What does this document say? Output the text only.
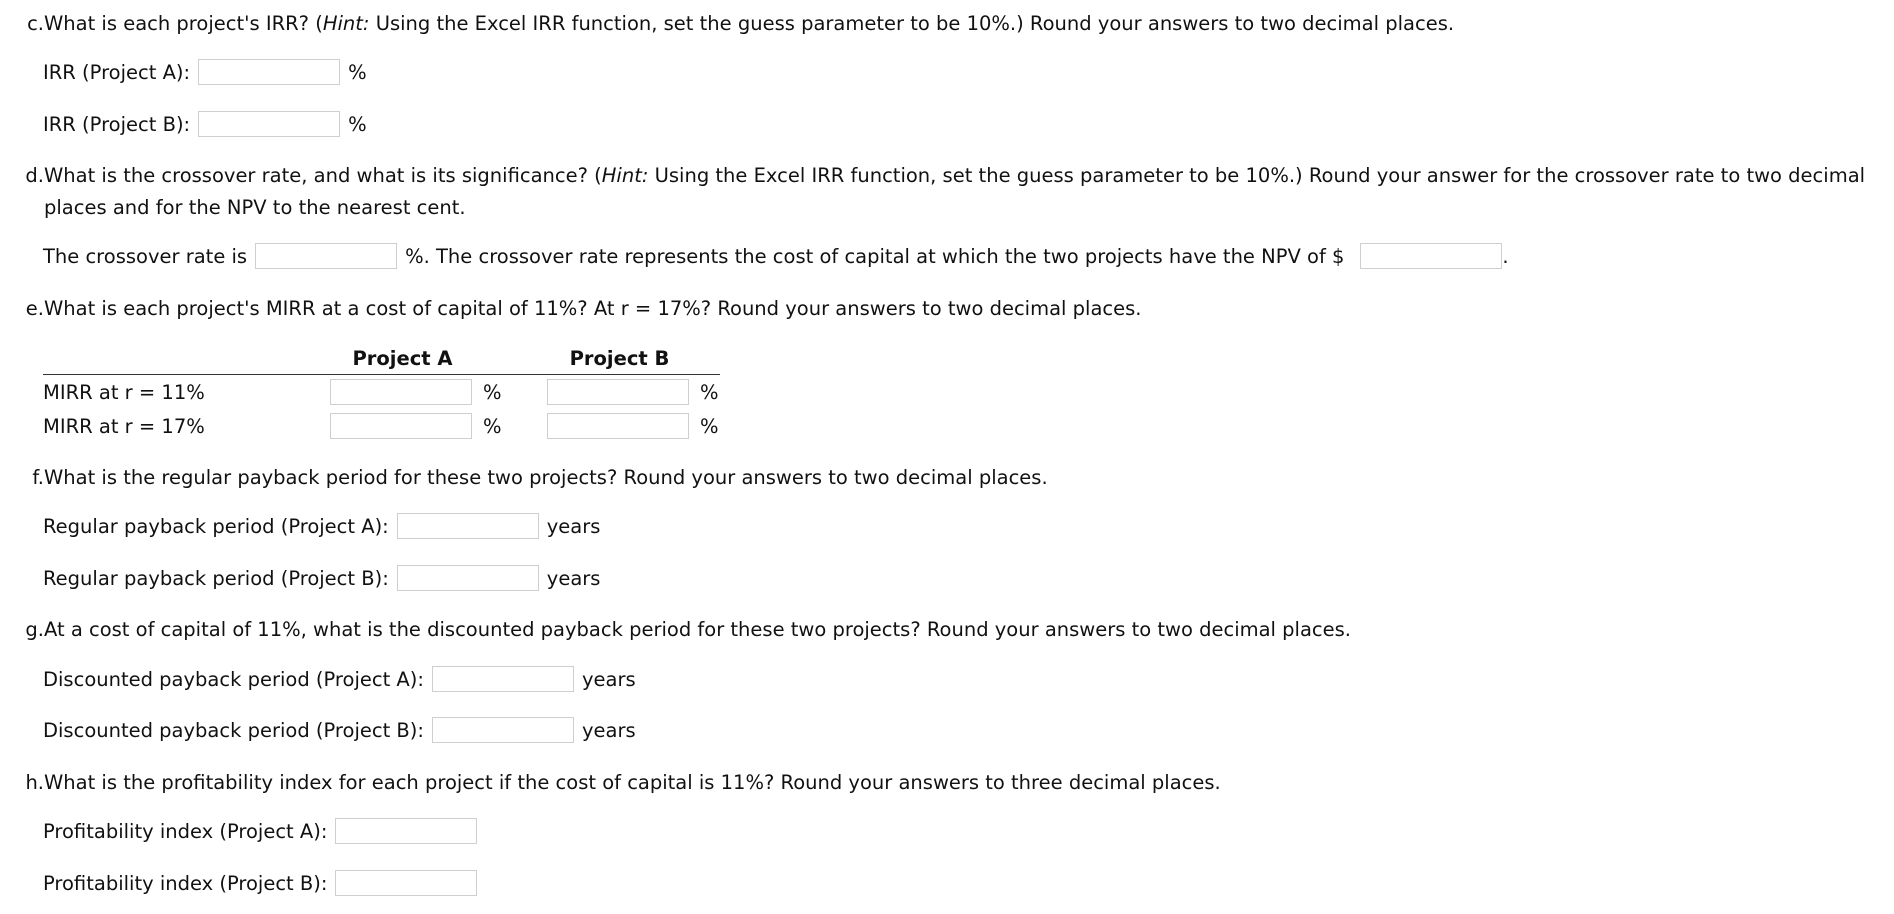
c. What is each project's IRR? (Hint: Using the Excel IRR function, set the guess parameter to be 10%.) Round your answers to two decimal places.
IRR (Project A):	%
IRR (Project B):	%
d. What is the crossover rate, and what is its significance? (Hint: Using the Excel IRR function, set the guess parameter to be 10%.) Round your answer for the crossover rate to two decimal places and for the NPV to the nearest cent.
The crossover rate is	%. The crossover rate represents the cost of capital at which the two projects have the NPV of $	.
e. What is each project's MIRR at a cost of capital of 11%? At r = 17%? Round your answers to two decimal places.
	Project A		Project B	
MIRR at r = 11%		%		%
MIRR at r = 17%		%		%
f. What is the regular payback period for these two projects? Round your answers to two decimal places.
Regular payback period (Project A):	years
Regular payback period (Project B):	years
g. At a cost of capital of 11%, what is the discounted payback period for these two projects? Round your answers to two decimal places.
Discounted payback period (Project A):	years
Discounted payback period (Project B):	years
h. What is the profitability index for each project if the cost of capital is 11%? Round your answers to three decimal places.
Profitability index (Project A):
Profitability index (Project B):
